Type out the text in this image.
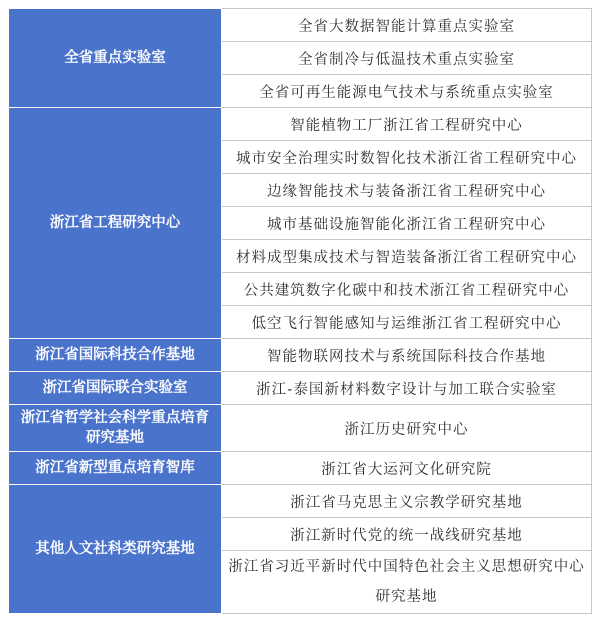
全省重点实验室	全省大数据智能计算重点实验室
	全省制冷与低温技术重点实验室
	全省可再生能源电气技术与系统重点实验室
浙江省工程研究中心	智能植物工厂浙江省工程研究中心
	城市安全治理实时数智化技术浙江省工程研究中心
	边缘智能技术与装备浙江省工程研究中心
	城市基础设施智能化浙江省工程研究中心
	材料成型集成技术与智造装备浙江省工程研究中心
	公共建筑数字化碳中和技术浙江省工程研究中心
	低空飞行智能感知与运维浙江省工程研究中心
浙江省国际科技合作基地	智能物联网技术与系统国际科技合作基地
浙江省国际联合实验室	浙江-泰国新材料数字设计与加工联合实验室
浙江省哲学社会科学重点培育研究基地	浙江历史研究中心
浙江省新型重点培育智库	浙江省大运河文化研究院
其他人文社科类研究基地	浙江省马克思主义宗教学研究基地
	浙江新时代党的统一战线研究基地
	浙江省习近平新时代中国特色社会主义思想研究中心研究基地
